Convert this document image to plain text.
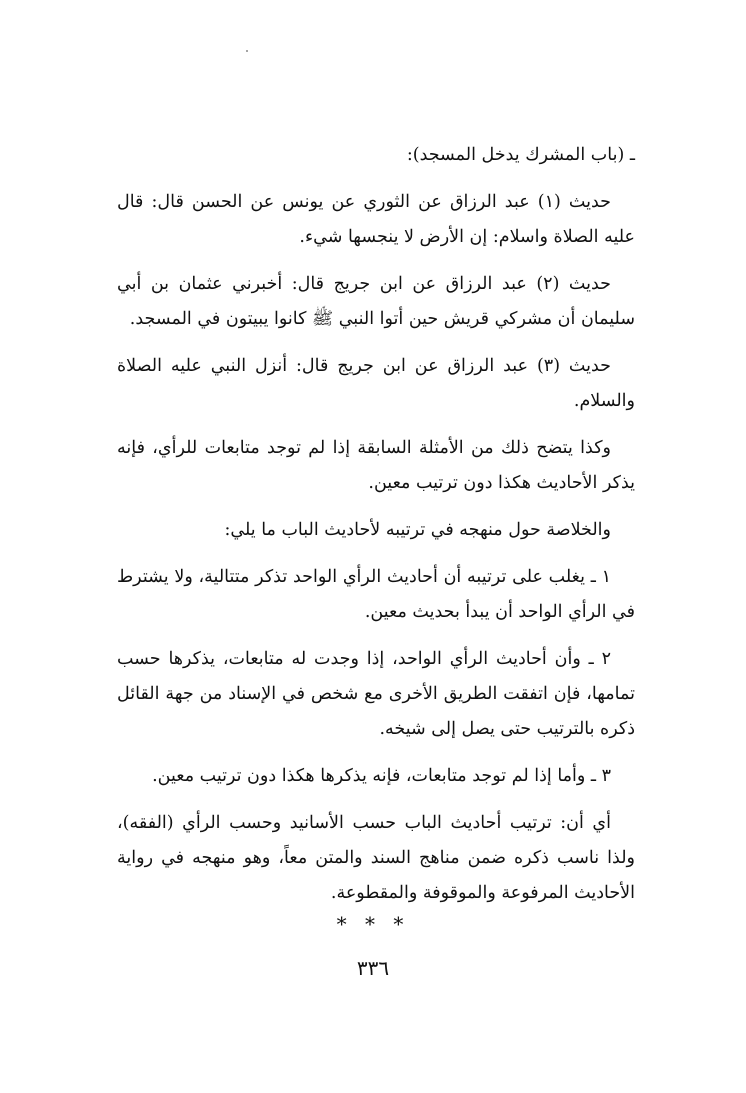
ـ (باب المشرك يدخل المسجد):

حديث (١) عبد الرزاق عن الثوري عن يونس عن الحسن قال: قال عليه الصلاة واسلام: إن الأرض لا ينجسها شيء.

حديث (٢) عبد الرزاق عن ابن جريج قال: أخبرني عثمان بن أبي سليمان أن مشركي قريش حين أتوا النبي ﷺ كانوا يبيتون في المسجد.

حديث (٣) عبد الرزاق عن ابن جريج قال: أنزل النبي عليه الصلاة والسلام.

وكذا يتضح ذلك من الأمثلة السابقة إذا لم توجد متابعات للرأي، فإنه يذكر الأحاديث هكذا دون ترتيب معين.

والخلاصة حول منهجه في ترتيبه لأحاديث الباب ما يلي:

١ ـ يغلب على ترتيبه أن أحاديث الرأي الواحد تذكر متتالية، ولا يشترط في الرأي الواحد أن يبدأ بحديث معين.

٢ ـ وأن أحاديث الرأي الواحد، إذا وجدت له متابعات، يذكرها حسب تمامها، فإن اتفقت الطريق الأخرى مع شخص في الإسناد من جهة القائل ذكره بالترتيب حتى يصل إلى شيخه.

٣ ـ وأما إذا لم توجد متابعات، فإنه يذكرها هكذا دون ترتيب معين.

أي أن: ترتيب أحاديث الباب حسب الأسانيد وحسب الرأي (الفقه)، ولذا ناسب ذكره ضمن مناهج السند والمتن معاً، وهو منهجه في رواية الأحاديث المرفوعة والموقوفة والمقطوعة.

* * *
٣٣٦
